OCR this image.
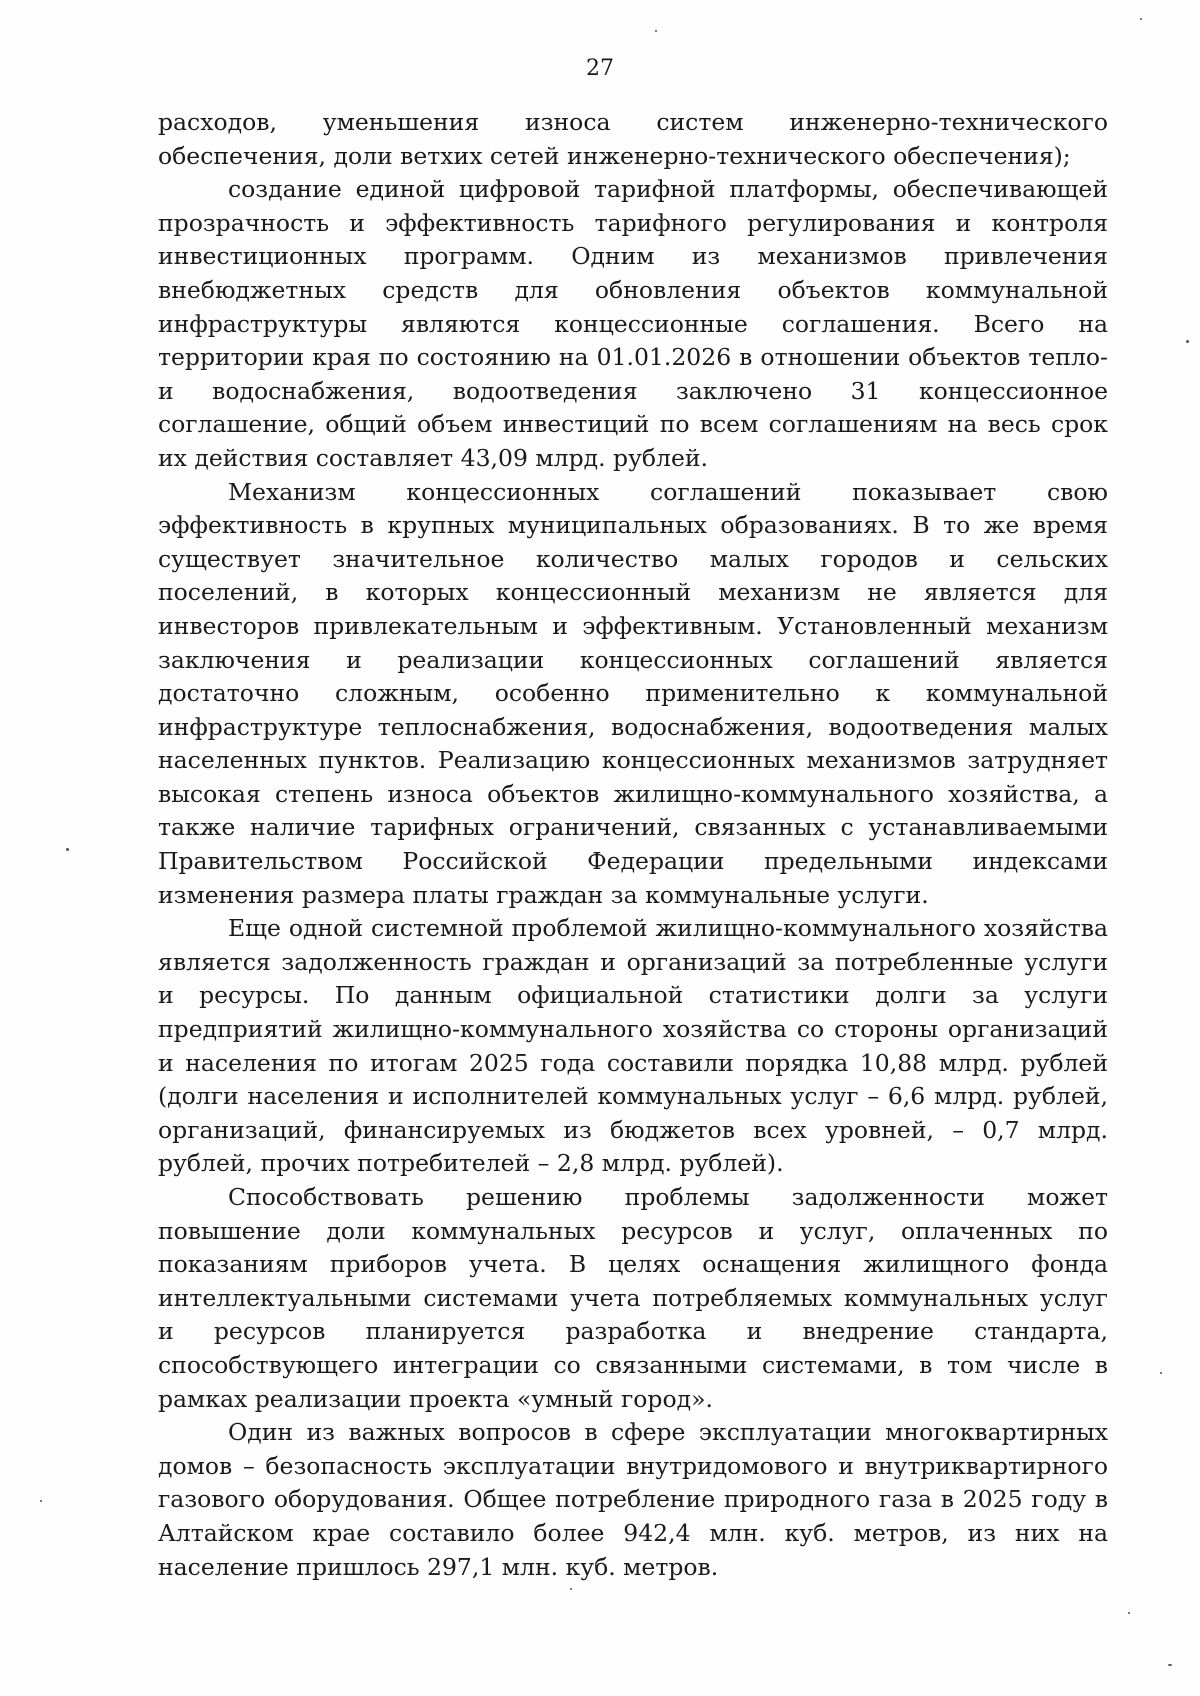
27

расходов, уменьшения износа систем инженерно-технического обеспечения, доли ветхих сетей инженерно-технического обеспечения);

создание единой цифровой тарифной платформы, обеспечивающей прозрачность и эффективность тарифного регулирования и контроля инвестиционных программ. Одним из механизмов привлечения внебюджетных средств для обновления объектов коммунальной инфраструктуры являются концессионные соглашения. Всего на территории края по состоянию на 01.01.2026 в отношении объектов тепло- и водоснабжения, водоотведения заключено 31 концессионное соглашение, общий объем инвестиций по всем соглашениям на весь срок их действия составляет 43,09 млрд. рублей.

Механизм концессионных соглашений показывает свою эффективность в крупных муниципальных образованиях. В то же время существует значительное количество малых городов и сельских поселений, в которых концессионный механизм не является для инвесторов привлекательным и эффективным. Установленный механизм заключения и реализации концессионных соглашений является достаточно сложным, особенно применительно к коммунальной инфраструктуре теплоснабжения, водоснабжения, водоотведения малых населенных пунктов. Реализацию концессионных механизмов затрудняет высокая степень износа объектов жилищно-коммунального хозяйства, а также наличие тарифных ограничений, связанных с устанавливаемыми Правительством Российской Федерации предельными индексами изменения размера платы граждан за коммунальные услуги.

Еще одной системной проблемой жилищно-коммунального хозяйства является задолженность граждан и организаций за потребленные услуги и ресурсы. По данным официальной статистики долги за услуги предприятий жилищно-коммунального хозяйства со стороны организаций и населения по итогам 2025 года составили порядка 10,88 млрд. рублей (долги населения и исполнителей коммунальных услуг – 6,6 млрд. рублей, организаций, финансируемых из бюджетов всех уровней, – 0,7 млрд. рублей, прочих потребителей – 2,8 млрд. рублей).

Способствовать решению проблемы задолженности может повышение доли коммунальных ресурсов и услуг, оплаченных по показаниям приборов учета. В целях оснащения жилищного фонда интеллектуальными системами учета потребляемых коммунальных услуг и ресурсов планируется разработка и внедрение стандарта, способствующего интеграции со связанными системами, в том числе в рамках реализации проекта «умный город».

Один из важных вопросов в сфере эксплуатации многоквартирных домов – безопасность эксплуатации внутридомового и внутриквартирного газового оборудования. Общее потребление природного газа в 2025 году в Алтайском крае составило более 942,4 млн. куб. метров, из них на население пришлось 297,1 млн. куб. метров.
